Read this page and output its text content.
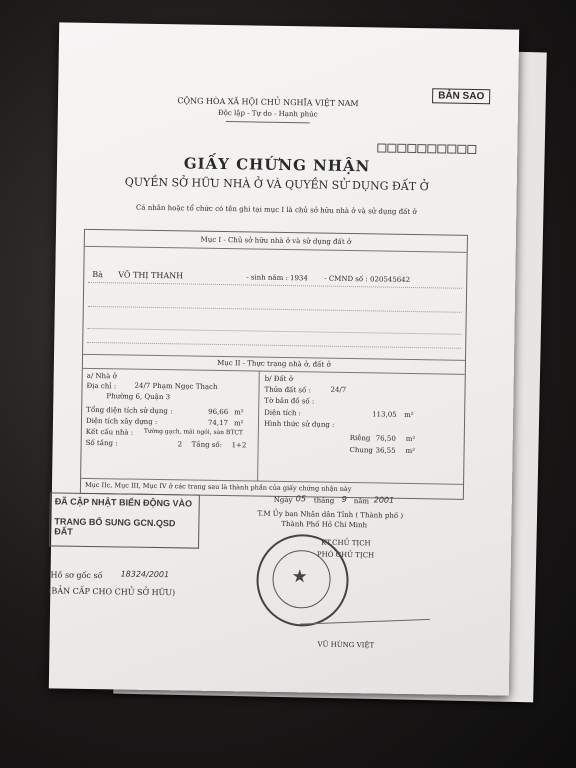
BẢN SAO
CỘNG HÒA XÃ HỘI CHỦ NGHĨA VIỆT NAM
Độc lập - Tự do - Hạnh phúc
GIẤY CHỨNG NHẬN
QUYỀN SỞ HỮU NHÀ Ở VÀ QUYỀN SỬ DỤNG ĐẤT Ở
Cá nhân hoặc tổ chức có tên ghi tại mục I là chủ sở hữu nhà ở và sử dụng đất ở
Mục I - Chủ sở hữu nhà ở và sử dụng đất ở
Bà VÕ THỊ THANH	- sinh năm : 1934 - CMND số : 020545642
Mục II - Thực trạng nhà ở, đất ở
a/ Nhà ở
Địa chỉ :	24/7 Phạm Ngọc Thạch
Phường 6, Quận 3
Tổng diện tích sử dụng :	96,66 m²
Diện tích xây dựng :	74,17 m²
Kết cấu nhà : Tường gạch, mái ngói, sàn BTCT
Số tầng :	2 Tầng số: 1+2
b/ Đất ở
Thửa đất số :	24/7
Tờ bản đồ số :
Diện tích :	113,05 m²
Hình thức sử dụng :
Riêng 76,50 m²
Chung 36,55 m²
Mục IIc, Mục III, Mục IV ở các trang sau là thành phần của giấy chứng nhận này
Ngày 05 tháng 9 năm 2001
T.M Ủy ban Nhân dân Tỉnh ( Thành phố )
Thành Phố Hồ Chí Minh
ĐÃ CẬP NHẬT BIẾN ĐỘNG VÀO
TRANG BỔ SUNG GCN.QSD ĐẤT
★
KT.CHỦ TỊCH
PHÓ CHỦ TỊCH
VŨ HÙNG VIỆT
Hồ sơ gốc số 18324/2001
(BẢN CẤP CHO CHỦ SỞ HỮU)
